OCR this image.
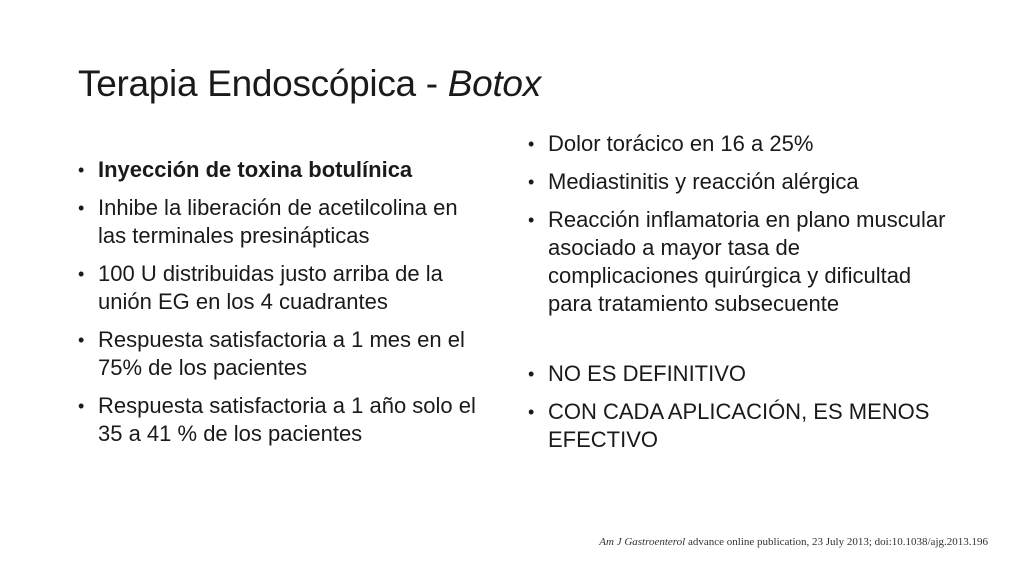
Terapia Endoscópica - Botox
• Inyección de toxina botulínica
• Inhibe la liberación de acetilcolina en las terminales presinápticas
• 100 U distribuidas justo arriba de la unión EG en los 4 cuadrantes
• Respuesta satisfactoria a 1 mes en el 75% de los pacientes
• Respuesta satisfactoria a 1 año solo el 35 a 41 % de los pacientes
• Dolor torácico en 16 a 25%
• Mediastinitis y reacción alérgica
• Reacción inflamatoria en plano muscular asociado a mayor tasa de complicaciones quirúrgica y dificultad para tratamiento subsecuente
• NO ES DEFINITIVO
• CON CADA APLICACIÓN, ES MENOS EFECTIVO
Am J Gastroenterol advance online publication, 23 July 2013; doi:10.1038/ajg.2013.196
